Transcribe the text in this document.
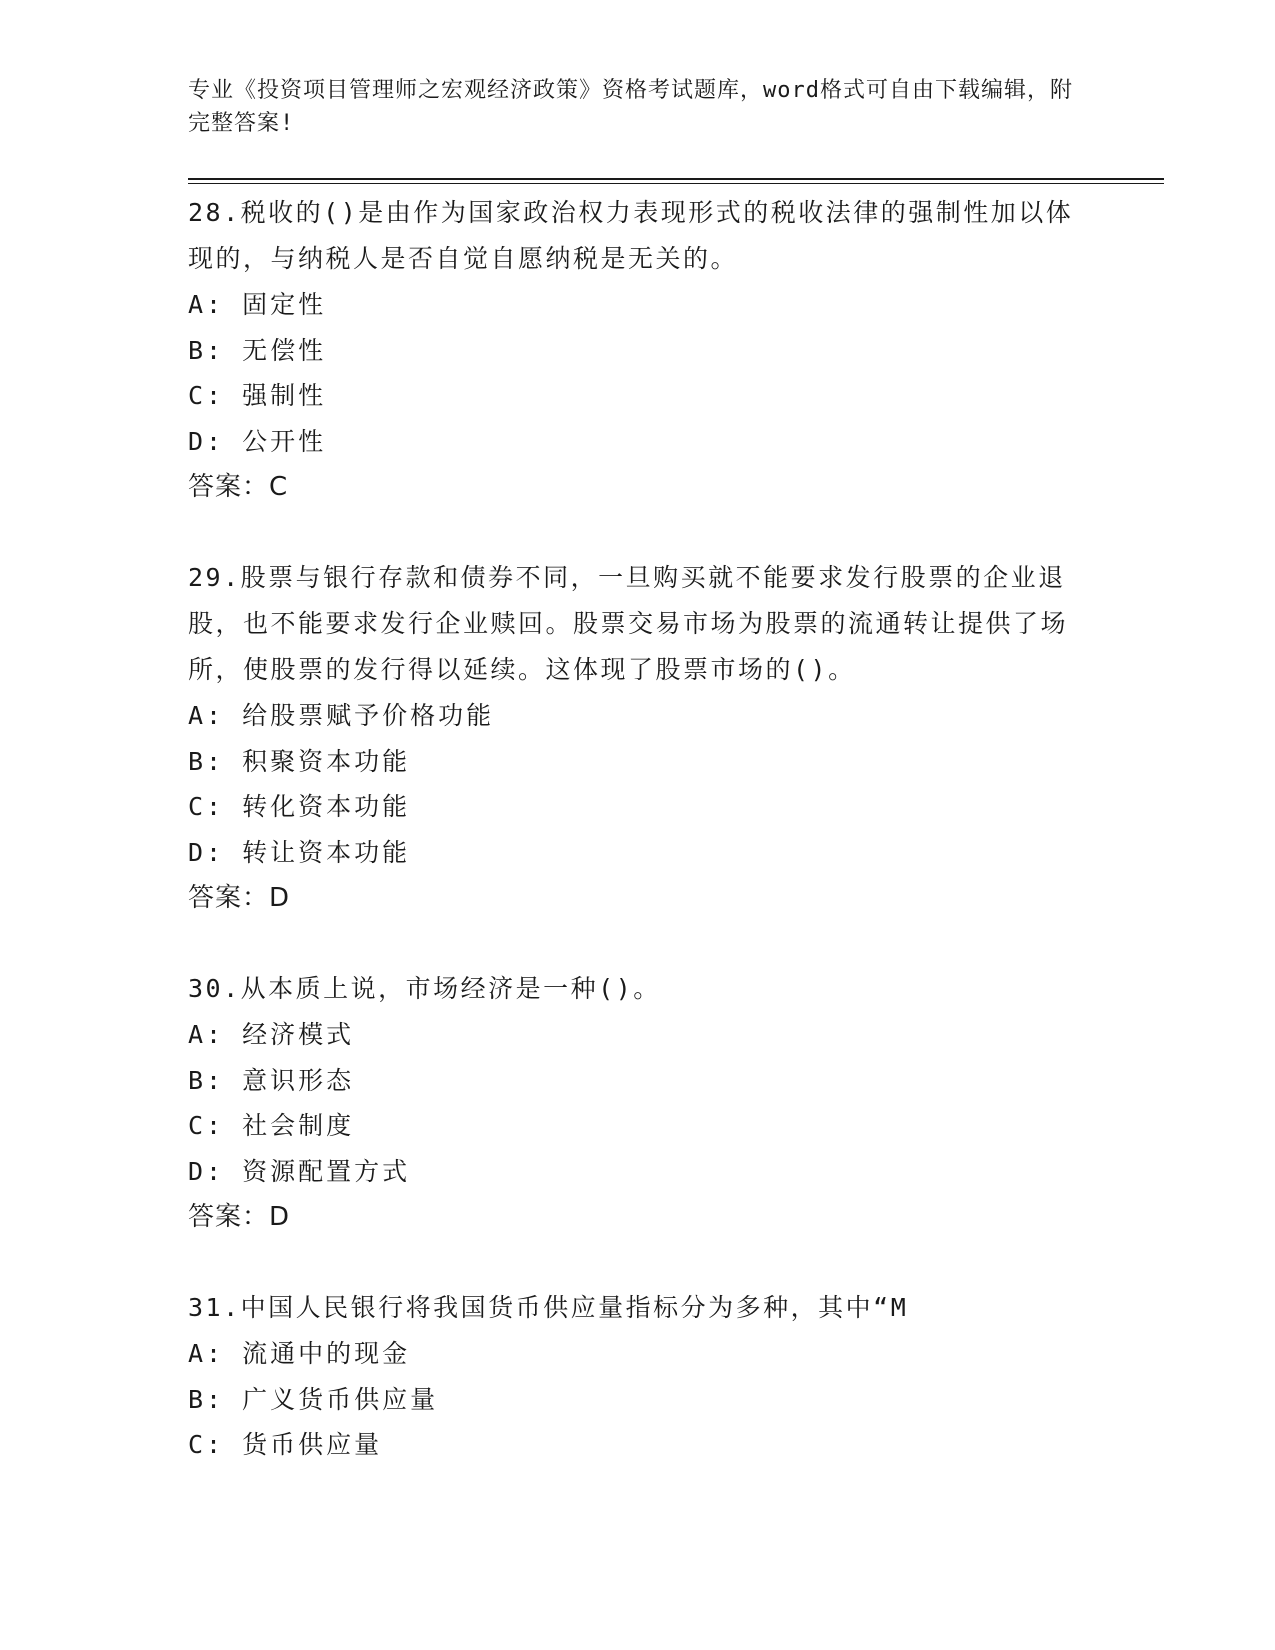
专业《投资项目管理师之宏观经济政策》资格考试题库，word格式可自由下载编辑，附完整答案!

28.税收的()是由作为国家政治权力表现形式的税收法律的强制性加以体现的，与纳税人是否自觉自愿纳税是无关的。

A: 固定性

B: 无偿性

C: 强制性

D: 公开性

答案：C

29.股票与银行存款和债券不同，一旦购买就不能要求发行股票的企业退股，也不能要求发行企业赎回。股票交易市场为股票的流通转让提供了场所，使股票的发行得以延续。这体现了股票市场的()。

A: 给股票赋予价格功能

B: 积聚资本功能

C: 转化资本功能

D: 转让资本功能

答案：D

30.从本质上说，市场经济是一种()。

A: 经济模式

B: 意识形态

C: 社会制度

D: 资源配置方式

答案：D

31.中国人民银行将我国货币供应量指标分为多种，其中“M

A: 流通中的现金

B: 广义货币供应量

C: 货币供应量
